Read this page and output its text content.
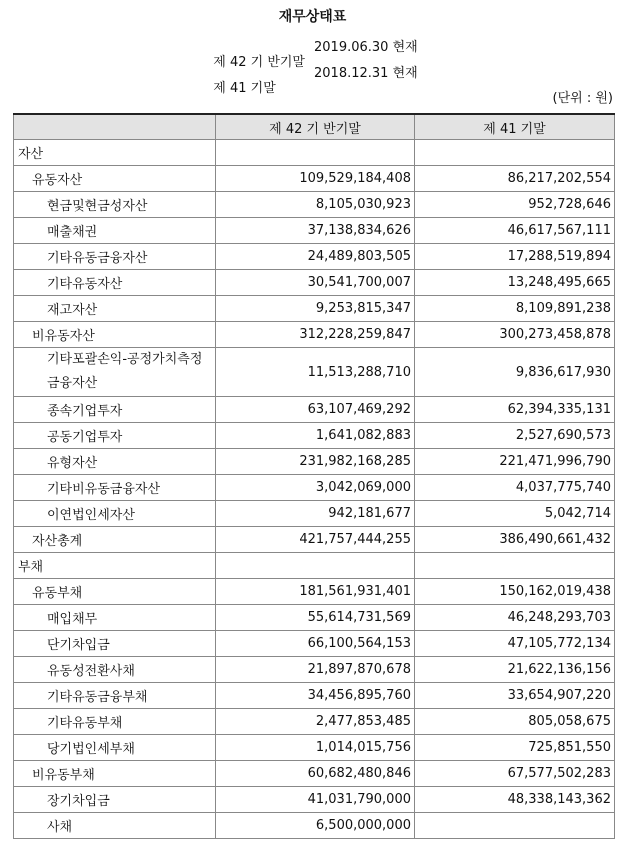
재무상태표

제 42 기 반기말

2019.06.30 현재

제 41 기말

2018.12.31 현재

(단위 : 원)
	제 42 기 반기말	제 41 기말
자산		
유동자산	109,529,184,408	86,217,202,554
현금및현금성자산	8,105,030,923	952,728,646
매출채권	37,138,834,626	46,617,567,111
기타유동금융자산	24,489,803,505	17,288,519,894
기타유동자산	30,541,700,007	13,248,495,665
재고자산	9,253,815,347	8,109,891,238
비유동자산	312,228,259,847	300,273,458,878
기타포괄손익-공정가치측정 금융자산	11,513,288,710	9,836,617,930
종속기업투자	63,107,469,292	62,394,335,131
공동기업투자	1,641,082,883	2,527,690,573
유형자산	231,982,168,285	221,471,996,790
기타비유동금융자산	3,042,069,000	4,037,775,740
이연법인세자산	942,181,677	5,042,714
자산총계	421,757,444,255	386,490,661,432
부채		
유동부채	181,561,931,401	150,162,019,438
매입채무	55,614,731,569	46,248,293,703
단기차입금	66,100,564,153	47,105,772,134
유동성전환사채	21,897,870,678	21,622,136,156
기타유동금융부채	34,456,895,760	33,654,907,220
기타유동부채	2,477,853,485	805,058,675
당기법인세부채	1,014,015,756	725,851,550
비유동부채	60,682,480,846	67,577,502,283
장기차입금	41,031,790,000	48,338,143,362
사채	6,500,000,000	
